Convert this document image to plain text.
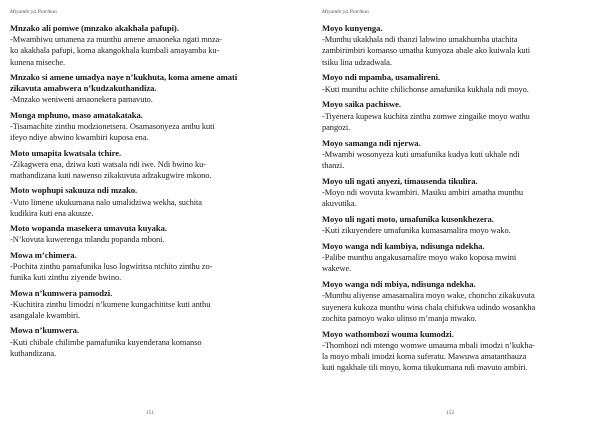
Miyambi ya Patrikan
Mnzako ali pomwe (mnzako akakhala pafupi).
-Mwambiwu umanena za munthu amene amaoneka ngati mnza-
ko akakhala pafupi, koma akangokhala kumbali amayamba ku-
kunena miseche.
Mnzako si amene umadya naye n’kukhuta, koma amene amati
zikavuta amabwera n’kudzakuthandiza.
-Mnzako weniweni amaonekera pamavuto.
Monga mphuno, maso amatakataka.
-Tisamachite zinthu modzionetsera. Osamasonyeza anthu kuti
ifeyo ndiye abwino kwambiri kuposa ena.
Moto umapita kwatsala tchire.
-Zikagwera ena, dziwa kuti watsala ndi iwe. Ndi bwino ku-
mathandizana kuti nawenso zikakuvuta adzakugwire mkono.
Moto wophupi sakuuza ndi mzako.
-Vuto limene ukukumana nalo umalidziwa wekha, suchita
kudikira kuti ena akuuze.
Moto wopanda masekera umavuta kuyaka.
-N’kovuta kuwerenga mlandu popanda mboni.
Mowa m’chimera.
-Pochita zinthu pamafunika luso logwiritsa ntchito zinthu zo-
funika kuti zinthu ziyende bwino.
Mowa n’kumwera pamodzi.
-Kuchitira zinthu limodzi n’kumene kungachititse kuti anthu
asangalale kwambiri.
Mowa n’kumwera.
-Kuti chibale chilimbe pamafunika kuyenderana komanso
kuthandizana.
151
Miyambi ya Patrikan
Moyo kunyenga.
-Munthu ukakhala ndi thanzi labwino umakhumba utachita
zambirimbiri komanso umatha kunyoza abale ako kuiwala kuti
tsiku lina udzadwala.
Moyo ndi mpamba, usamalireni.
-Kuti munthu achite chilichonse amafunika kukhala ndi moyo.
Moyo saika pachiswe.
-Tiyenera kupewa kuchita zinthu zomwe zingaike moyo wathu
pangozi.
Moyo samanga ndi njerwa.
-Mwambi wosonyeza kuti umafunika kudya kuti ukhale ndi
thanzi.
Moyo uli ngati anyezi, timausenda tikulira.
-Moyo ndi wovuta kwambiri. Masiku ambiri amatha munthu
akuvutika.
Moyo uli ngati moto, umafunika kusonkhezera.
-Kuti zikuyendere umafunika kumasamalira moyo wako.
Moyo wanga ndi kambiya, ndisunga ndekha.
-Palibe munthu angakusamalire moyo wako koposa mwini
wakewe.
Moyo wanga ndi mbiya, ndisunga ndekha.
-Munthu aliyense amasamalira moyo wake, choncho zikakuvuta
suyenera kukoza munthu wina chala chifukwa udindo wosankha
zochita pamoyo wako ulinso m’manja mwako.
Moyo wathombozi wouma kumodzi.
-Thombozi ndi mtengo womwe umauma mbali imodzi n’kukha-
la moyo mbali imodzi koma suferatu. Mawuwa amatanthauza
kuti ngakhale tili moyo, koma tikukumana ndi mavuto ambiri.
152
